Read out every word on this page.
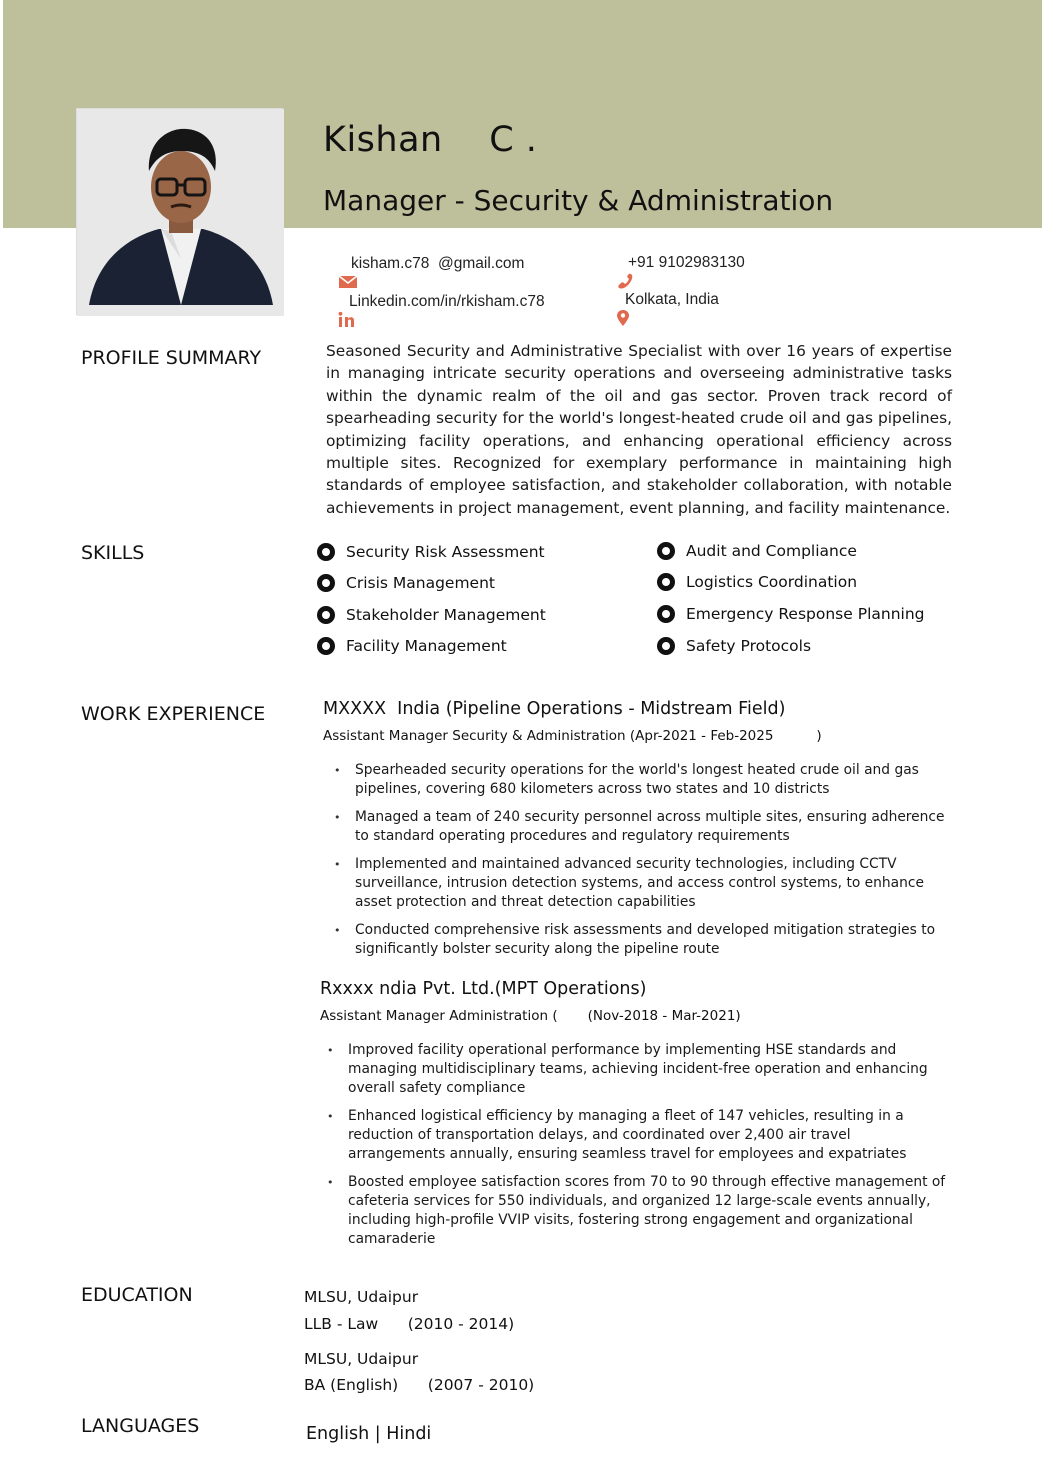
Kishan    C .
Manager - Security & Administration

kisham.c78  @gmail.com

	+91 9102983130

Linkedin.com/in/rkisham.c78

	Kolkata, India
PROFILE SUMMARY	Seasoned Security and Administrative Specialist with over 16 years of expertise in managing intricate security operations and overseeing administrative tasks within the dynamic realm of the oil and gas sector. Proven track record of spearheading security for the world's longest-heated crude oil and gas pipelines, optimizing facility operations, and enhancing operational efficiency across multiple sites. Recognized for exemplary performance in maintaining high standards of employee satisfaction, and stakeholder collaboration, with notable achievements in project management, event planning, and facility maintenance.
SKILLS	Security Risk Assessment
Crisis Management
Stakeholder Management
Facility Management
Audit and Compliance
Logistics Coordination
Emergency Response Planning
Safety Protocols
WORK EXPERIENCE	MXXXX  India (Pipeline Operations - Midstream Field)
Assistant Manager Security & Administration (Apr-2021 - Feb-2025          )
• Spearheaded security operations for the world's longest heated crude oil and gas pipelines, covering 680 kilometers across two states and 10 districts
• Managed a team of 240 security personnel across multiple sites, ensuring adherence to standard operating procedures and regulatory requirements
• Implemented and maintained advanced security technologies, including CCTV surveillance, intrusion detection systems, and access control systems, to enhance asset protection and threat detection capabilities
• Conducted comprehensive risk assessments and developed mitigation strategies to significantly bolster security along the pipeline route
Rxxxx ndia Pvt. Ltd.(MPT Operations)
Assistant Manager Administration (       (Nov-2018 - Mar-2021)
• Improved facility operational performance by implementing HSE standards and managing multidisciplinary teams, achieving incident-free operation and enhancing overall safety compliance
• Enhanced logistical efficiency by managing a fleet of 147 vehicles, resulting in a reduction of transportation delays, and coordinated over 2,400 air travel arrangements annually, ensuring seamless travel for employees and expatriates
• Boosted employee satisfaction scores from 70 to 90 through effective management of cafeteria services for 550 individuals, and organized 12 large-scale events annually, including high-profile VVIP visits, fostering strong engagement and organizational camaraderie
EDUCATION	MLSU, Udaipur
LLB - Law      (2010 - 2014)
MLSU, Udaipur
BA (English)      (2007 - 2010)
LANGUAGES	English | Hindi
